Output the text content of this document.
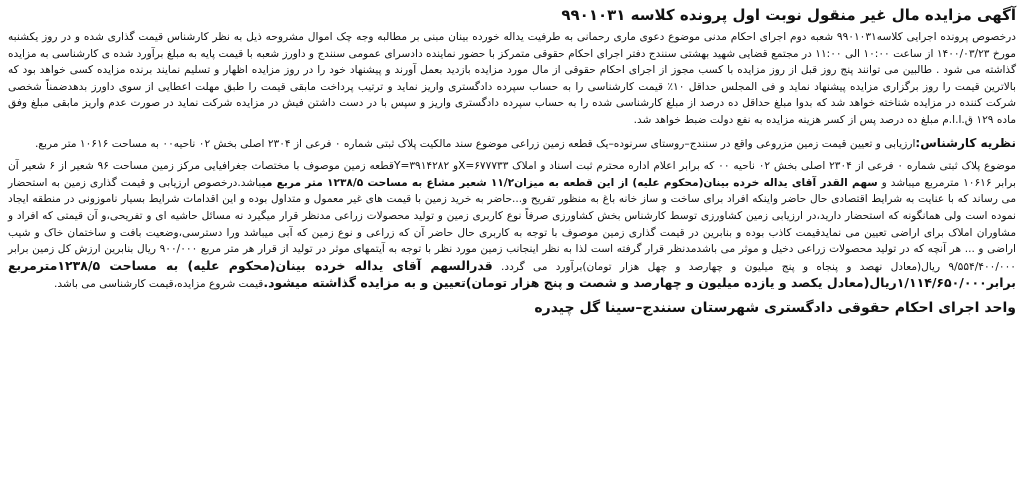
آگهی مزایده مال غیر منقول نوبت اول پرونده کلاسه ۹۹۰۱۰۳۱

درخصوص پرونده اجرایی کلاسه۹۹۰۱۰۳۱ شعبه دوم اجرای احکام مدنی موضوع دعوی ماری رحمانی به طرفیت یداله خورده بینان مبنی بر مطالبه وجه چک اموال مشروحه ذیل به نظر کارشناس قیمت گذاری شده و در روز یکشنبه مورخ ۱۴۰۰/۰۳/۲۳ از ساعت ۱۰:۰۰ الی ۱۱:۰۰ در مجتمع قضایی شهید بهشتی سنندج دفتر اجرای احکام حقوقی متمرکز با حضور نماینده دادسرای عمومی سنندج و داورز شعبه با قیمت پایه به مبلغ برآورد شده ی کارشناسی به مزایده گذاشته می شود . طالبین می توانند پنج روز قبل از روز مزایده با کسب مجوز از اجرای احکام حقوقی از مال مورد مزایده بازدید بعمل آورند و پیشنهاد خود را در روز مزایده اظهار و تسلیم نمایند برنده مزایده کسی خواهد بود که بالاترین قیمت را روز برگزاری مزایده پیشنهاد نماید و فی المجلس حداقل ۱۰٪ قیمت کارشناسی را به حساب سپرده دادگستری واریز نماید و ترتیب پرداخت مابقی قیمت را طبق مهلت اعطایی از سوی داورز بدهدضمناً شخصی شرکت کننده در مزایده شناخته خواهد شد که بدوا مبلغ حداقل ده درصد از مبلغ کارشناسی شده را به حساب سپرده دادگستری واریز و سپس با در دست داشتن فیش در مزایده شرکت نماید در صورت عدم واریز مابقی مبلغ وفق ماده ۱۲۹ ق.ا.ا.م مبلغ ده درصد پس از کسر هزینه مزایده به نفع دولت ضبط خواهد شد.

نظریه کارشناس:ارزیابی و تعیین قیمت زمین مزروعی واقع در سنندج–روستای سرنوده–یک قطعه زمین زراعی موضوع سند مالکیت پلاک ثبتی شماره ۰ فرعی از ۲۳۰۴ اصلی بخش ۰۲ ناحیه۰۰ به مساحت ۱۰۶۱۶ متر مربع.

موضوع پلاک ثبتی شماره ۰ فرعی از ۲۳۰۴ اصلی بخش ۰۲ ناحیه ۰۰ که برابر اعلام اداره محترم ثبت اسناد و املاک X=۶۷۷۷۳۳و Y=۳۹۱۴۲۸۲قطعه زمین موصوف با مختصات جغرافیایی مرکز زمین مساحت ۹۶ شعیر از ۶ شعیر آن برابر ۱۰۶۱۶ مترمربع میباشد و سهم القدر آقای یداله خرده بینان(محکوم علیه) از این قطعه به میزان۱۱/۲ شعیر مشاع به مساحت ۱۲۳۸/۵ متر مربع میباشد.درخصوص ارزیابی و قیمت گذاری زمین به استحضار می رساند که با عنایت به شرایط اقتصادی حال حاضر واینکه افراد برای ساخت و ساز خانه باغ به منظور تفریح و...حاضر به خرید زمین با قیمت های غیر معمول و متداول بوده و این اقدامات شرایط بسیار ناموزونی در منطقه ایجاد نموده است ولی همانگونه که استحضار دارید،در ارزیابی زمین کشاورزی توسط کارشناس بخش کشاورزی صرفاً نوع کاربری زمین و تولید محصولات زراعی مدنظر قرار میگیرد نه مسائل حاشیه ای و تفریحی،و آن قیمتی که افراد و مشاوران املاک برای اراضی تعیین می نمایدقیمت کاذب بوده و بنابرین در قیمت گذاری زمین موصوف با توجه به کاربری حال حاضر آن که زراعی و نوع زمین که آبی میباشد ورا دسترسی،وضعیت بافت و ساختمان خاک و شیب اراضی و ... هر آنچه که در تولید محصولات زراعی دخیل و موثر می باشدمدنظر قرار گرفته است لذا به نظر اینجانب زمین مورد نظر با توجه به آیتمهای موثر در تولید از قرار هر متر مربع ۹۰۰/۰۰۰ ریال بنابرین ارزش کل زمین برابر ۹/۵۵۴/۴۰۰/۰۰۰ ریال(معادل نهصد و پنجاه و پنج میلیون و چهارصد و چهل هزار تومان)برآورد می گردد. قدرالسهم آقای یداله خرده بینان(محکوم علیه) به مساحت ۱۲۳۸/۵مترمربع برابر۱/۱۱۴/۶۵۰/۰۰۰ریال(معادل یکصد و یازده میلیون و چهارصد و شصت و پنج هزار تومان)تعیین و به مزایده گذاشته میشود.قیمت شروع مزایده،قیمت کارشناسی می باشد.

واحد اجرای احکام حقوقی دادگستری شهرستان سنندج–سینا گل چیدره
